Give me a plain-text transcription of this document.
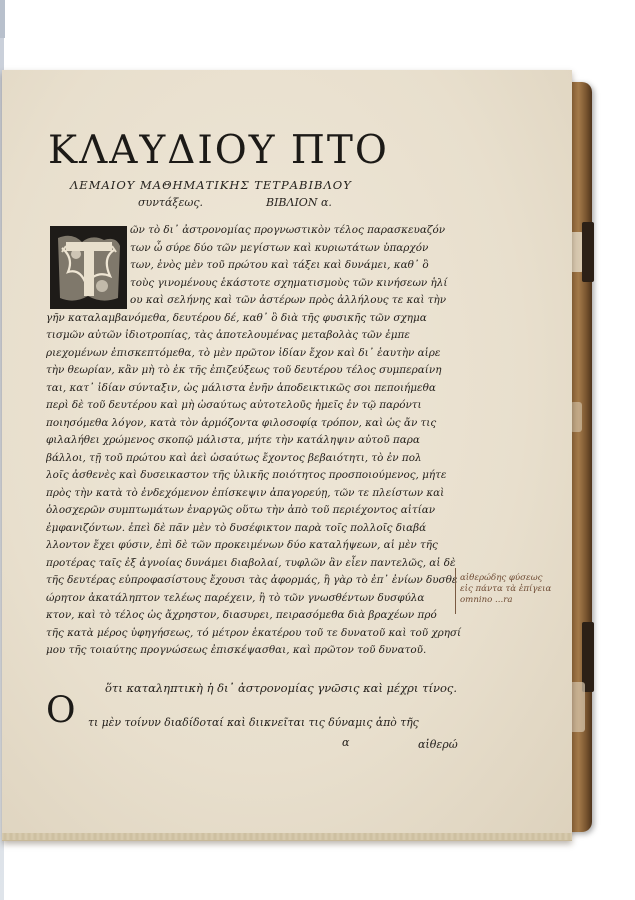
ΚΛΑΥΔΙΟΥ ΠΤΟ
ΛΕΜΑΙΟΥ ΜΑΘΗΜΑΤΙΚΗΣ ΤΕΤΡΑΒΙΒΛΟΥ
συντάξεως.	ΒΙΒΛΙΟΝ α.
ῶν τὸ δι᾽ ἀστρονομίας προγνωστικὸν τέλος παρασκευαζόν
των ὦ σύρε δύο τῶν μεγίστων καὶ κυριωτάτων ὑπαρχόν
των, ἑνὸς μὲν τοῦ πρώτου καὶ τάξει καὶ δυνάμει, καθ᾽ ὃ
τοὺς γινομένους ἑκάστοτε σχηματισμοὺς τῶν κινήσεων ἡλί
ου καὶ σελήνης καὶ τῶν ἀστέρων πρὸς ἀλλήλους τε καὶ τὴν
γῆν καταλαμβανόμεθα, δευτέρου δέ, καθ᾽ ὃ διὰ τῆς φυσικῆς τῶν σχημα
τισμῶν αὐτῶν ἰδιοτροπίας, τὰς ἀποτελουμένας μεταβολὰς τῶν ἐμπε
ριεχομένων ἐπισκεπτόμεθα, τὸ μὲν πρῶτον ἰδίαν ἔχον καὶ δι᾽ ἑαυτὴν αἱρε
τὴν θεωρίαν, κἂν μὴ τὸ ἐκ τῆς ἐπιζεύξεως τοῦ δευτέρου τέλος συμπεραίνη
ται, κατ᾽ ἰδίαν σύνταξιν, ὡς μάλιστα ἐνῆν ἀποδεικτικῶς σοι πεποιήμεθα
περὶ δὲ τοῦ δευτέρου καὶ μὴ ὡσαύτως αὐτοτελοῦς ἡμεῖς ἐν τῷ παρόντι
ποιησόμεθα λόγον, κατὰ τὸν ἁρμόζοντα φιλοσοφίᾳ τρόπον, καὶ ὡς ἄν τις
φιλαλήθει χρώμενος σκοπῷ μάλιστα, μήτε τὴν κατάληψιν αὐτοῦ παρα
βάλλοι, τῇ τοῦ πρώτου καὶ ἀεὶ ὡσαύτως ἔχοντος βεβαιότητι, τὸ ἐν πολ
λοῖς ἀσθενὲς καὶ δυσεικαστον τῆς ὑλικῆς ποιότητος προσποιούμενος, μήτε
πρὸς τὴν κατὰ τὸ ἐνδεχόμενον ἐπίσκεψιν ἀπαγορεύῃ, τῶν τε πλείστων καὶ
ὁλοσχερῶν συμπτωμάτων ἐναργῶς οὕτω τὴν ἀπὸ τοῦ περιέχοντος αἰτίαν
ἐμφανιζόντων. ἐπεὶ δὲ πᾶν μὲν τὸ δυσέφικτον παρὰ τοῖς πολλοῖς διαβά
λλοντον ἔχει φύσιν, ἐπὶ δὲ τῶν προκειμένων δύο καταλήψεων, αἱ μὲν τῆς
προτέρας ταῖς ἐξ ἀγνοίας δυνάμει διαβολαί, τυφλῶν ἂν εἶεν παντελῶς, αἱ δὲ
τῆς δευτέρας εὐπροφασίστους ἔχουσι τὰς ἀφορμάς, ἢ γὰρ τὸ ἐπ᾽ ἐνίων δυσθε
ώρητον ἀκατάληπτον τελέως παρέχειν, ἢ τὸ τῶν γνωσθέντων δυσφύλα
κτον, καὶ τὸ τέλος ὡς ἄχρηστον, διασυρει, πειρασόμεθα διὰ βραχέων πρό
τῆς κατὰ μέρος ὑφηγήσεως, τό μέτρον ἑκατέρου τοῦ τε δυνατοῦ καὶ τοῦ χρησί
μου τῆς τοιαύτης προγνώσεως ἐπισκέψασθαι, καὶ πρῶτον τοῦ δυνατοῦ.
ὅτι καταληπτικὴ ἡ δι᾽ ἀστρονομίας γνῶσις καὶ μέχρι τίνος.
Ο τι μὲν τοίνυν διαδίδοταί καὶ διικνεῖται τις δύναμις ἀπὸ τῆς
α	αἰθερώ
αἰθερώδης φύσεως
εἰς πάντα τὰ ἐπίγεια
omnino ...ra
